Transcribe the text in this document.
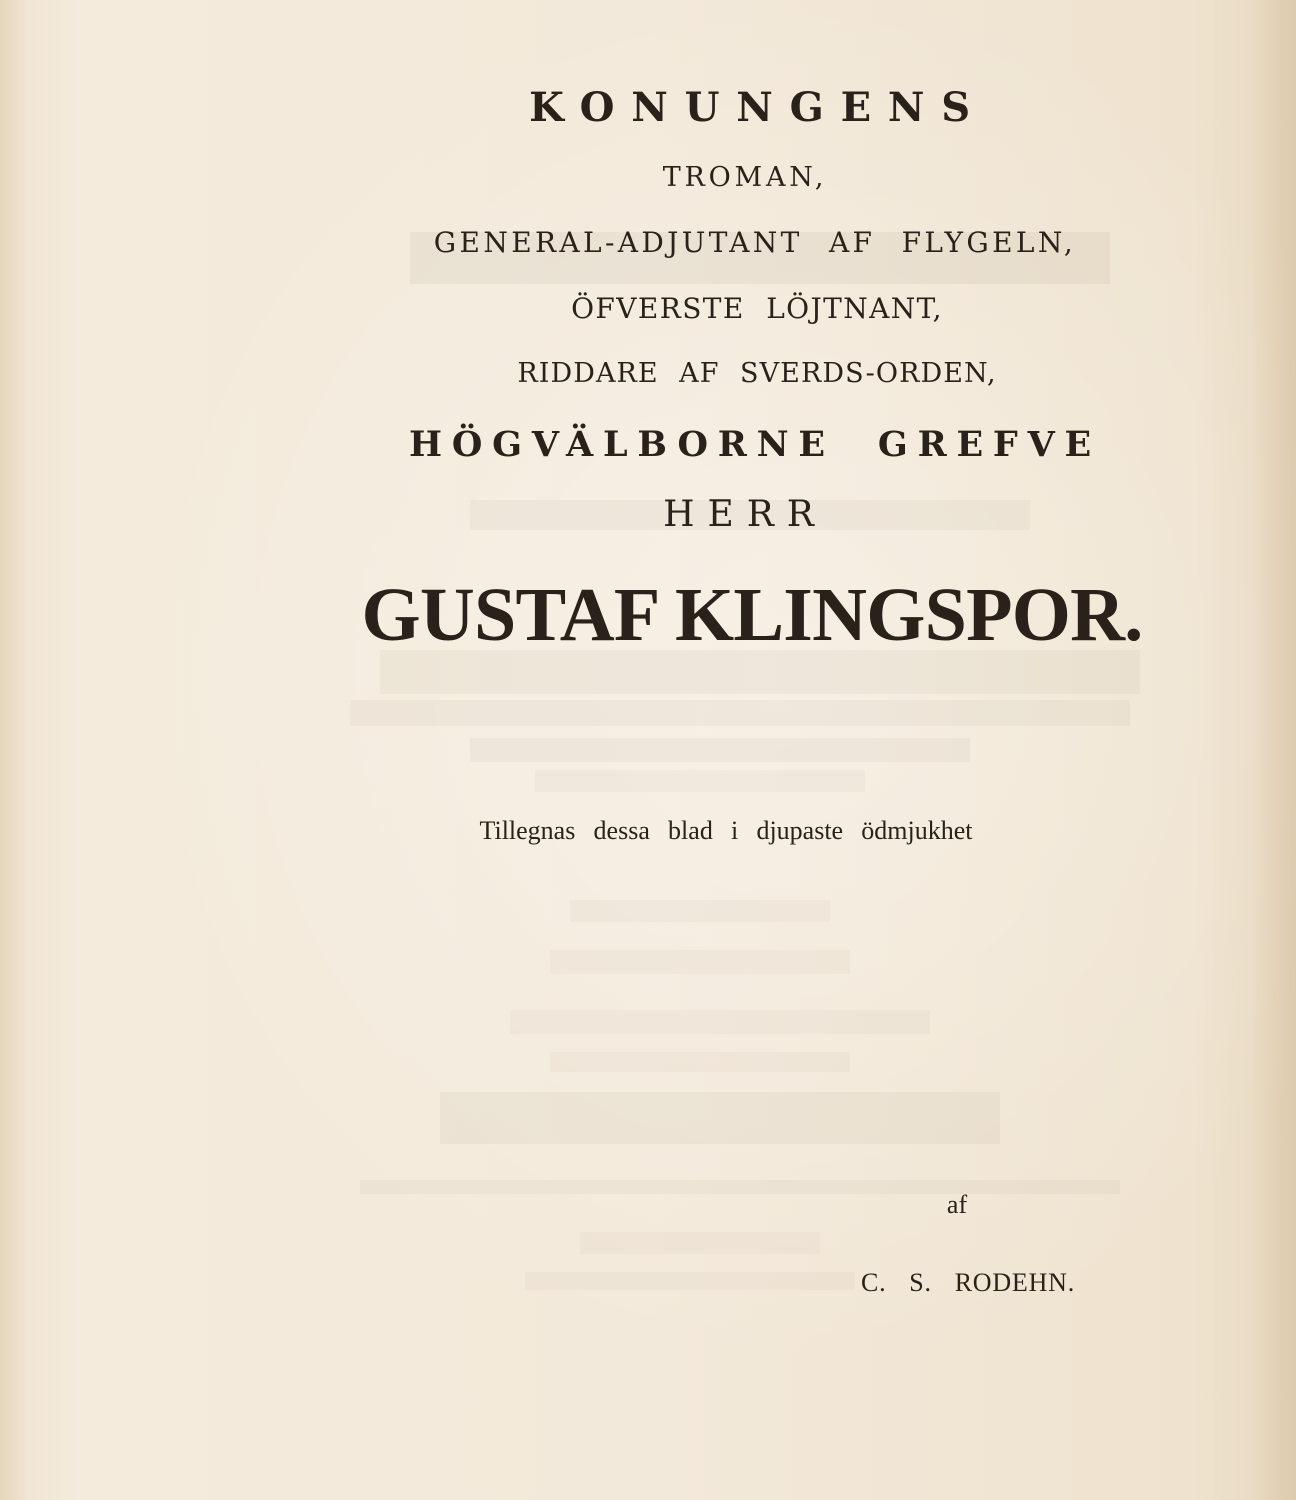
KONUNGENS
TROMAN,
GENERAL-ADJUTANT AF FLYGELN,
ÖFVERSTE LÖJTNANT,
RIDDARE AF SVERDS-ORDEN,
HÖGVÄLBORNE GREFVE
HERR
GUSTAF KLINGSPOR.
Tillegnas dessa blad i djupaste ödmjukhet
af
C. S. RODEHN.
